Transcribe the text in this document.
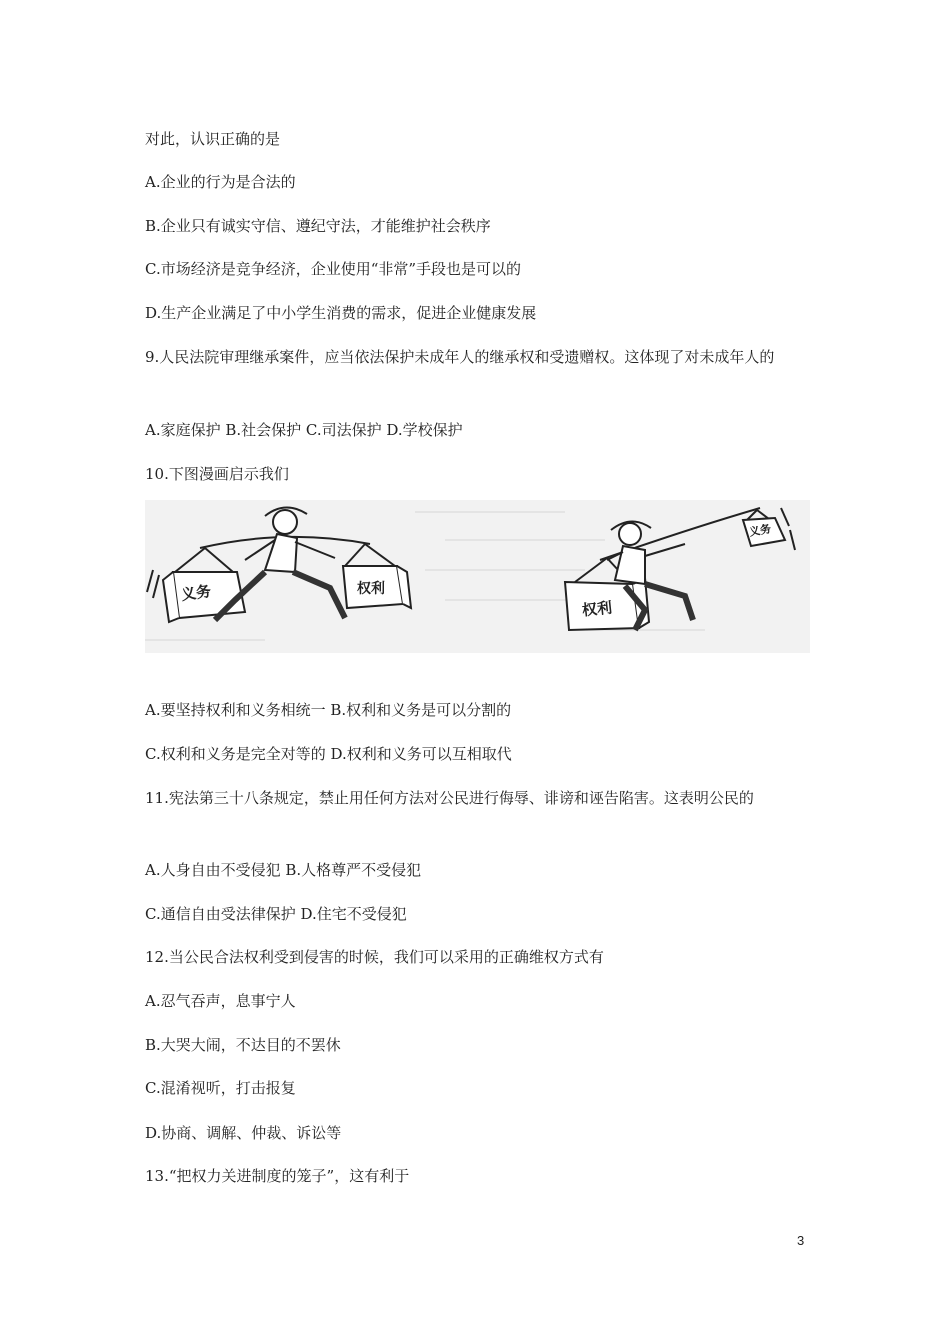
对此，认识正确的是
A.企业的行为是合法的
B.企业只有诚实守信、遵纪守法，才能维护社会秩序
C.市场经济是竞争经济，企业使用“非常”手段也是可以的
D.生产企业满足了中小学生消费的需求，促进企业健康发展
9.人民法院审理继承案件，应当依法保护未成年人的继承权和受遗赠权。这体现了对未成年人的
A.家庭保护 B.社会保护 C.司法保护 D.学校保护
10.下图漫画启示我们
义务	权利
权利
义务
A.要坚持权利和义务相统一 B.权利和义务是可以分割的
C.权利和义务是完全对等的 D.权利和义务可以互相取代
11.宪法第三十八条规定，禁止用任何方法对公民进行侮辱、诽谤和诬告陷害。这表明公民的
A.人身自由不受侵犯 B.人格尊严不受侵犯
C.通信自由受法律保护 D.住宅不受侵犯
12.当公民合法权利受到侵害的时候，我们可以采用的正确维权方式有
A.忍气吞声，息事宁人
B.大哭大闹，不达目的不罢休
C.混淆视听，打击报复
D.协商、调解、仲裁、诉讼等
13.“把权力关进制度的笼子”，这有利于
3
